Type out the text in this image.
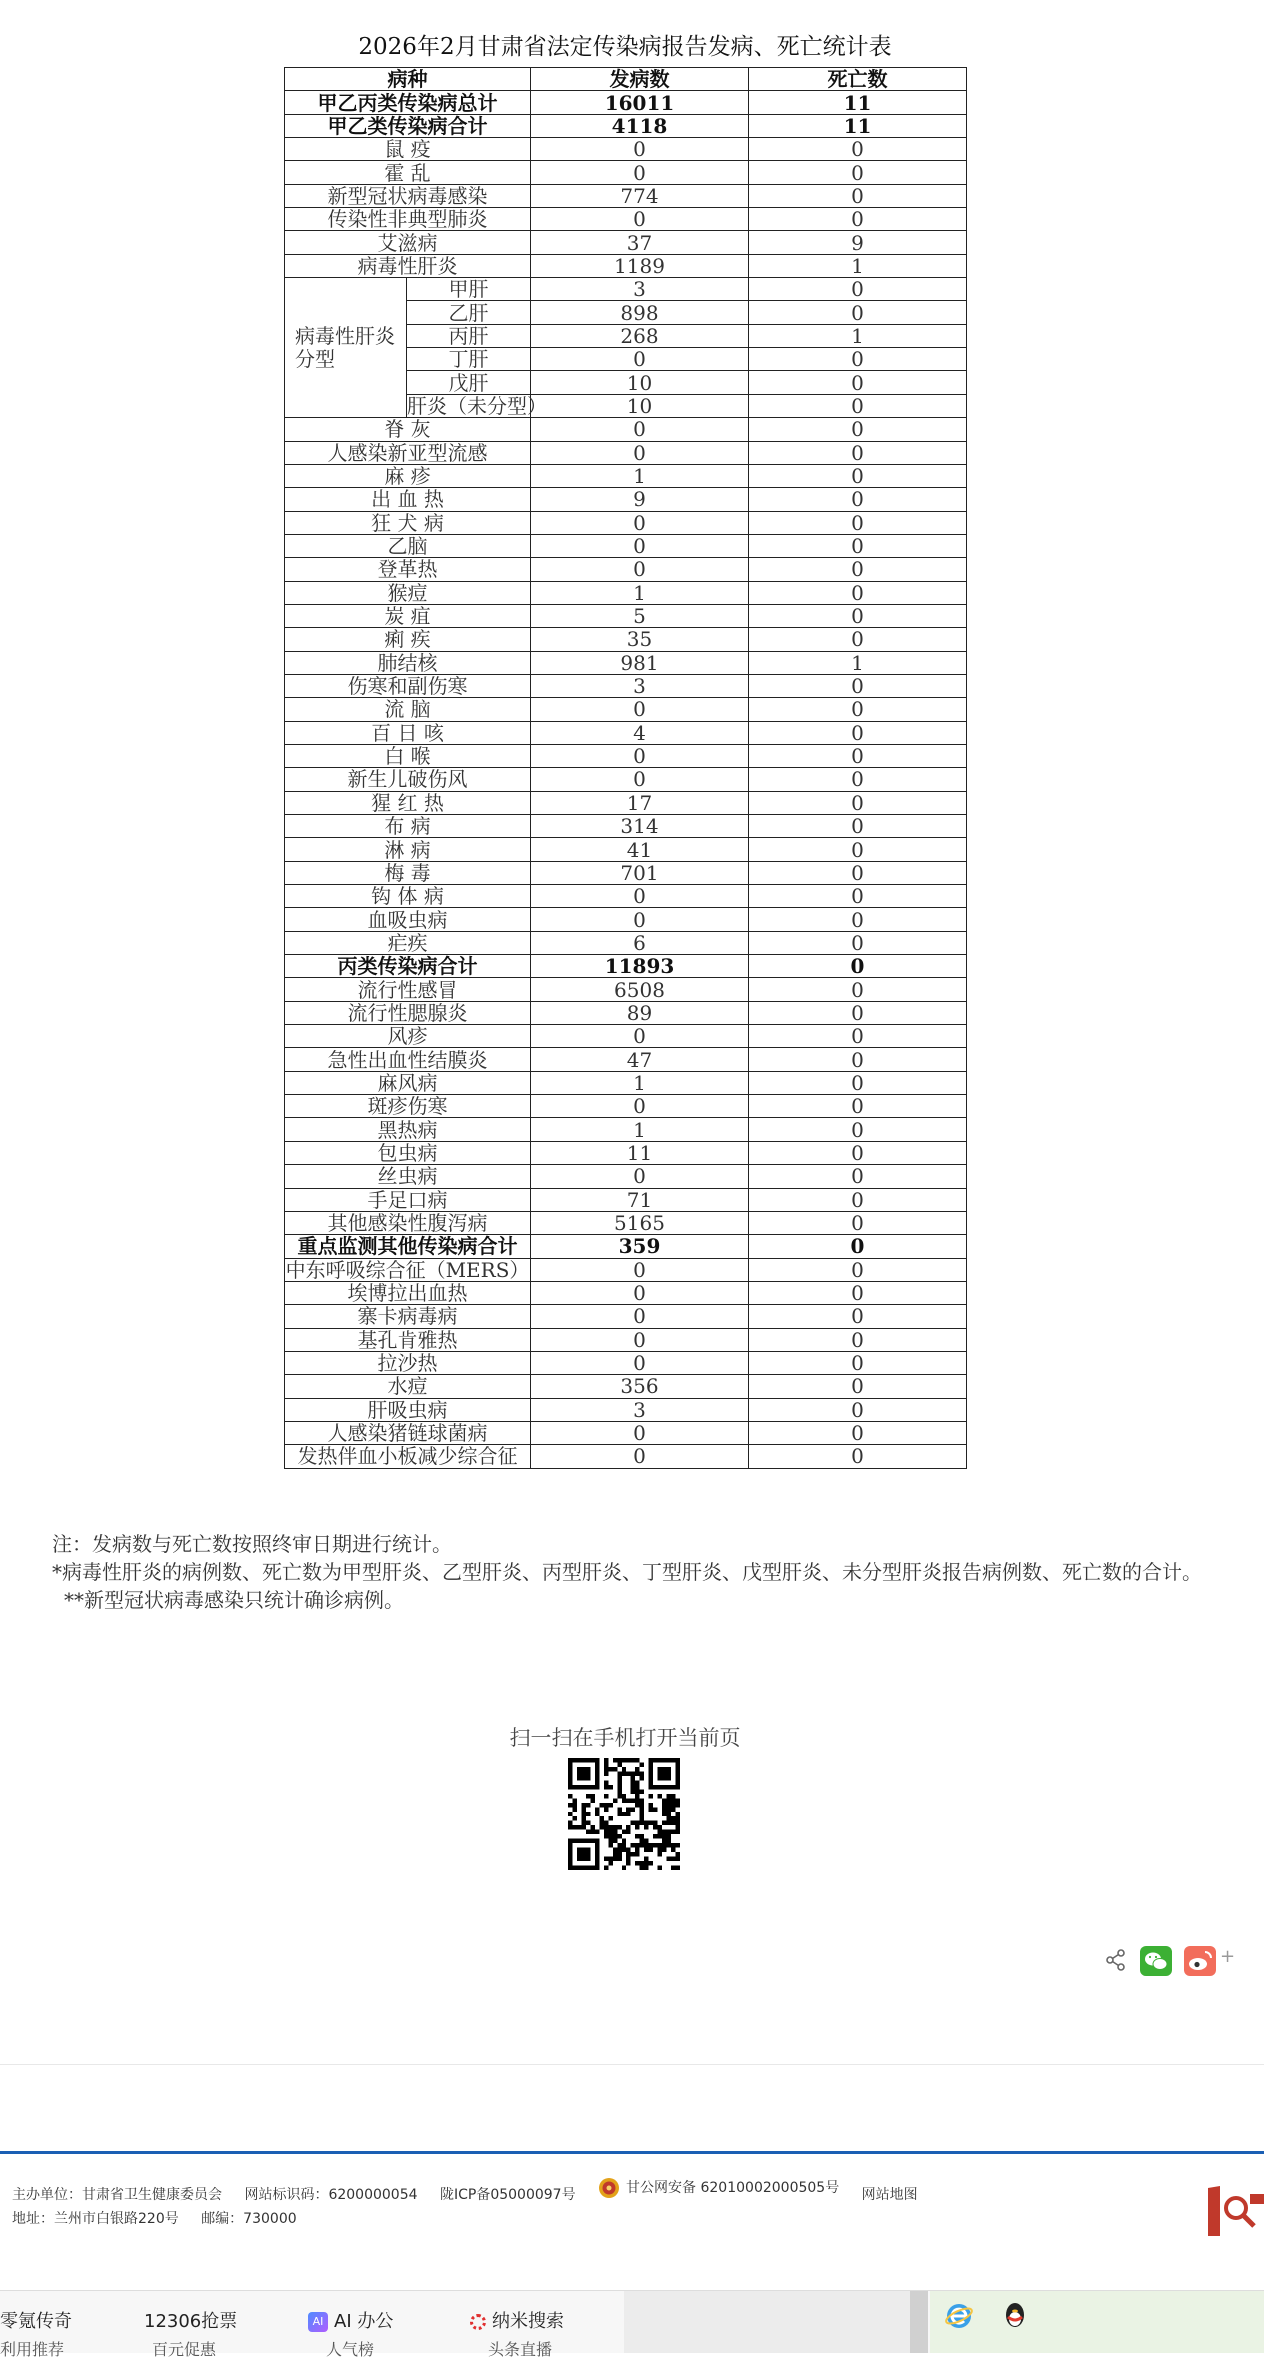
2026年2月甘肃省法定传染病报告发病、死亡统计表
病种		发病数	死亡数
甲乙丙类传染病总计		16011	11
甲乙类传染病合计		4118	11
鼠 疫		0	0
霍 乱		0	0
新型冠状病毒感染		774	0
传染性非典型肺炎		0	0
艾滋病		37	9
病毒性肝炎		1189	1
病毒性肝炎分型	甲肝	3	0
	乙肝	898	0
	丙肝	268	1
	丁肝	0	0
	戊肝	10	0
	肝炎（未分型）	10	0
脊 灰		0	0
人感染新亚型流感		0	0
麻 疹		1	0
出 血 热		9	0
狂 犬 病		0	0
乙脑		0	0
登革热		0	0
猴痘		1	0
炭 疽		5	0
痢 疾		35	0
肺结核		981	1
伤寒和副伤寒		3	0
流 脑		0	0
百 日 咳		4	0
白 喉		0	0
新生儿破伤风		0	0
猩 红 热		17	0
布 病		314	0
淋 病		41	0
梅 毒		701	0
钩 体 病		0	0
血吸虫病		0	0
疟疾		6	0
丙类传染病合计		11893	0
流行性感冒		6508	0
流行性腮腺炎		89	0
风疹		0	0
急性出血性结膜炎		47	0
麻风病		1	0
斑疹伤寒		0	0
黑热病		1	0
包虫病		11	0
丝虫病		0	0
手足口病		71	0
其他感染性腹泻病		5165	0
重点监测其他传染病合计		359	0
中东呼吸综合征（MERS）		0	0
埃博拉出血热		0	0
寨卡病毒病		0	0
基孔肯雅热		0	0
拉沙热		0	0
水痘		356	0
肝吸虫病		3	0
人感染猪链球菌病		0	0
发热伴血小板减少综合征		0	0

注：发病数与死亡数按照终审日期进行统计。

*病毒性肝炎的病例数、死亡数为甲型肝炎、乙型肝炎、丙型肝炎、丁型肝炎、戊型肝炎、未分型肝炎报告病例数、死亡数的合计。

**新型冠状病毒感染只统计确诊病例。

扫一扫在手机打开当前页
+
主办单位：甘肃省卫生健康委员会 网站标识码：6200000054 陇ICP备05000097号	甘公网安备 62010002000505号 网站地图
地址：兰州市白银路220号 邮编：730000
零氪传奇	12306抢票	AI AI 办公	纳米搜索
利用推荐	百元促惠	人气榜	头条直播
